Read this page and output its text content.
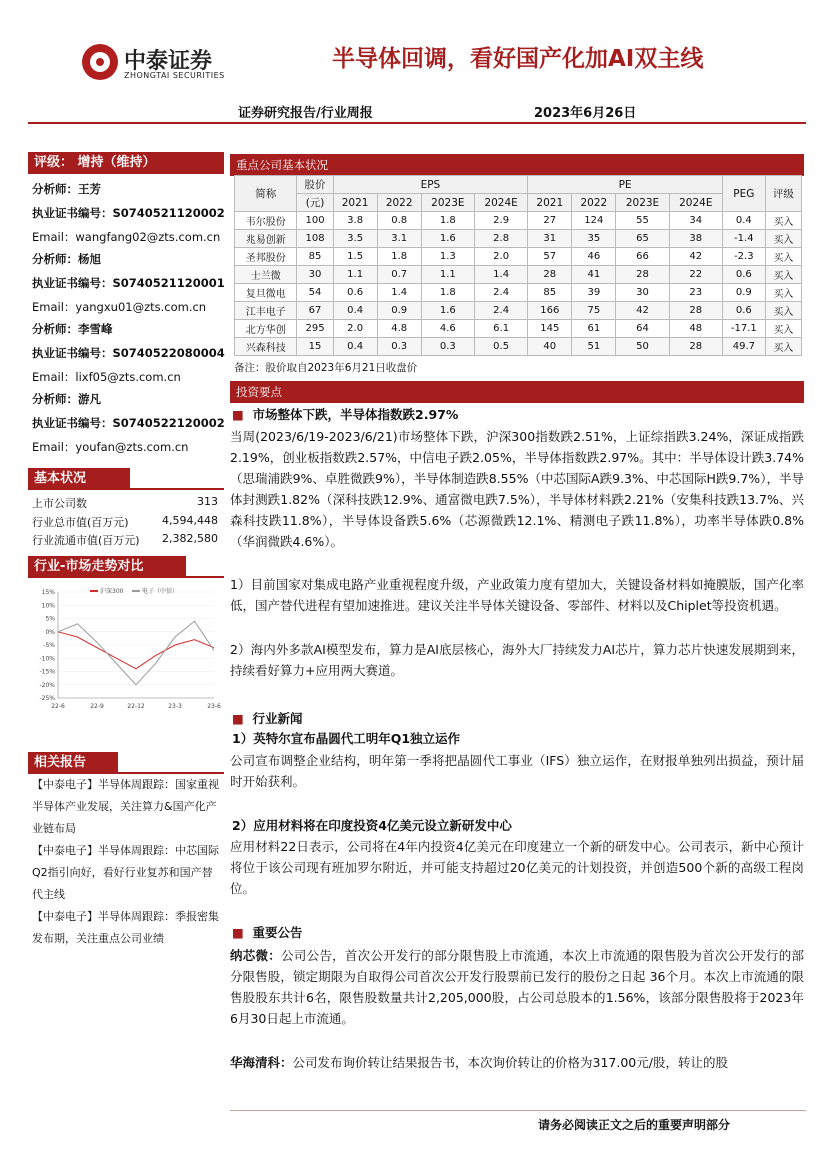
中泰证券
ZHONGTAI SECURITIES
半导体回调，看好国产化加AI双主线
证券研究报告/行业周报	2023年6月26日
评级： 增持（维持）
分析师：王芳
执业证书编号：S0740521120002
Email：wangfang02@zts.com.cn
分析师：杨旭
执业证书编号：S0740521120001
Email：yangxu01@zts.com.cn
分析师：李雪峰
执业证书编号：S0740522080004
Email：lixf05@zts.com.cn
分析师：游凡
执业证书编号：S0740522120002
Email：youfan@zts.com.cn
基本状况
上市公司数	313
行业总市值(百万元)	4,594,448
行业流通市值(百万元) 2,382,580
行业-市场走势对比
15%
10%
5%
0%
-5%
-10%
-15%
-20%
-25%
22-6	22-9	22-12	23-3	23-6
沪深300	电子（中信）
相关报告
【中泰电子】半导体周跟踪：国家重视半导体产业发展，关注算力&国产化产业链布局
【中泰电子】半导体周跟踪：中芯国际Q2指引向好，看好行业复苏和国产替代主线
【中泰电子】半导体周跟踪：季报密集发布期，关注重点公司业绩
重点公司基本状况
简称	股价	EPS				PE				PEG	评级
	(元)	2021	2022	2023E	2024E	2021	2022	2023E	2024E		
韦尔股份	100	3.8	0.8	1.8	2.9	27	124	55	34	0.4	买入
兆易创新	108	3.5	3.1	1.6	2.8	31	35	65	38	-1.4	买入
圣邦股份	85	1.5	1.8	1.3	2.0	57	46	66	42	-2.3	买入
士兰微	30	1.1	0.7	1.1	1.4	28	41	28	22	0.6	买入
复旦微电	54	0.6	1.4	1.8	2.4	85	39	30	23	0.9	买入
江丰电子	67	0.4	0.9	1.6	2.4	166	75	42	28	0.6	买入
北方华创	295	2.0	4.8	4.6	6.1	145	61	64	48	-17.1	买入
兴森科技	15	0.4	0.3	0.3	0.5	40	51	50	28	49.7	买入
备注：股价取自2023年6月21日收盘价
投资要点
■ 市场整体下跌，半导体指数跌2.97%
当周(2023/6/19-2023/6/21)市场整体下跌，沪深300指数跌2.51%，上证综指跌3.24%，深证成指跌2.19%，创业板指数跌2.57%，中信电子跌2.05%，半导体指数跌2.97%。其中：半导体设计跌3.74%（思瑞浦跌9%、卓胜微跌9%），半导体制造跌8.55%（中芯国际A跌9.3%、中芯国际H跌9.7%），半导体封测跌1.82%（深科技跌12.9%、通富微电跌7.5%），半导体材料跌2.21%（安集科技跌13.7%、兴森科技跌11.8%），半导体设备跌5.6%（芯源微跌12.1%、精测电子跌11.8%），功率半导体跌0.8%（华润微跌4.6%）。
1）目前国家对集成电路产业重视程度升级，产业政策力度有望加大，关键设备材料如掩膜版，国产化率低，国产替代进程有望加速推进。建议关注半导体关键设备、零部件、材料以及Chiplet等投资机遇。
2）海内外多款AI模型发布，算力是AI底层核心，海外大厂持续发力AI芯片，算力芯片快速发展期到来，持续看好算力+应用两大赛道。
■ 行业新闻
1）英特尔宣布晶圆代工明年Q1独立运作
公司宣布调整企业结构，明年第一季将把晶圆代工事业（IFS）独立运作，在财报单独列出损益，预计届时开始获利。
2）应用材料将在印度投资4亿美元设立新研发中心
应用材料22日表示，公司将在4年内投资4亿美元在印度建立一个新的研发中心。公司表示，新中心预计将位于该公司现有班加罗尔附近，并可能支持超过20亿美元的计划投资，并创造500个新的高级工程岗位。
■ 重要公告
纳芯微：公司公告，首次公开发行的部分限售股上市流通，本次上市流通的限售股为首次公开发行的部分限售股，锁定期限为自取得公司首次公开发行股票前已发行的股份之日起 36个月。本次上市流通的限售股股东共计6名，限售股数量共计2,205,000股，占公司总股本的1.56%，该部分限售股将于2023年6月30日起上市流通。
华海清科：公司发布询价转让结果报告书，本次询价转让的价格为317.00元/股，转让的股
请务必阅读正文之后的重要声明部分
